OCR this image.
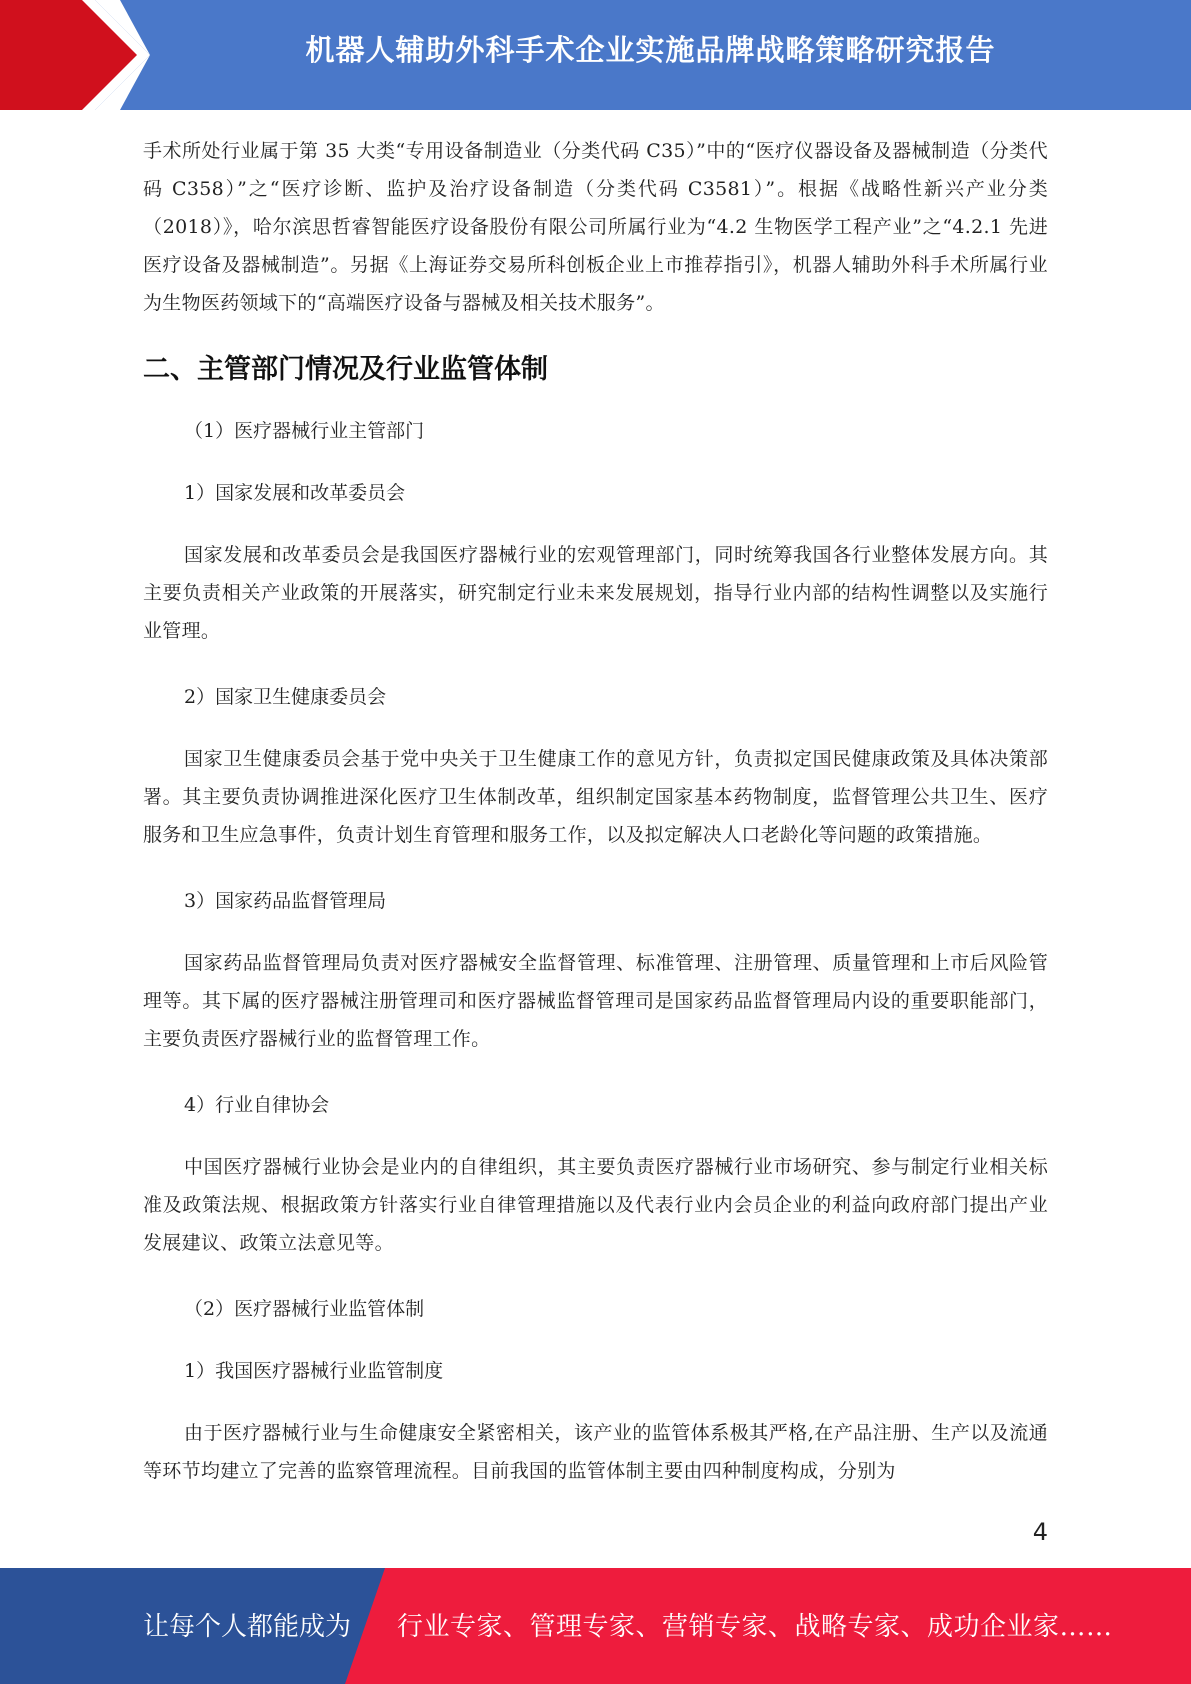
机器人辅助外科手术企业实施品牌战略策略研究报告

手术所处行业属于第 35 大类“专用设备制造业（分类代码 C35）”中的“医疗仪器设备及器械制造（分类代码 C358）”之“医疗诊断、监护及治疗设备制造（分类代码 C3581）”。根据《战略性新兴产业分类（2018）》，哈尔滨思哲睿智能医疗设备股份有限公司所属行业为“4.2 生物医学工程产业”之“4.2.1 先进医疗设备及器械制造”。另据《上海证券交易所科创板企业上市推荐指引》，机器人辅助外科手术所属行业为生物医药领域下的“高端医疗设备与器械及相关技术服务”。

二、主管部门情况及行业监管体制

（1）医疗器械行业主管部门

1）国家发展和改革委员会

国家发展和改革委员会是我国医疗器械行业的宏观管理部门，同时统筹我国各行业整体发展方向。其主要负责相关产业政策的开展落实，研究制定行业未来发展规划，指导行业内部的结构性调整以及实施行业管理。

2）国家卫生健康委员会

国家卫生健康委员会基于党中央关于卫生健康工作的意见方针，负责拟定国民健康政策及具体决策部署。其主要负责协调推进深化医疗卫生体制改革，组织制定国家基本药物制度，监督管理公共卫生、医疗服务和卫生应急事件，负责计划生育管理和服务工作，以及拟定解决人口老龄化等问题的政策措施。

3）国家药品监督管理局

国家药品监督管理局负责对医疗器械安全监督管理、标准管理、注册管理、质量管理和上市后风险管理等。其下属的医疗器械注册管理司和医疗器械监督管理司是国家药品监督管理局内设的重要职能部门，主要负责医疗器械行业的监督管理工作。

4）行业自律协会

中国医疗器械行业协会是业内的自律组织，其主要负责医疗器械行业市场研究、参与制定行业相关标准及政策法规、根据政策方针落实行业自律管理措施以及代表行业内会员企业的利益向政府部门提出产业发展建议、政策立法意见等。

（2）医疗器械行业监管体制

1）我国医疗器械行业监管制度

由于医疗器械行业与生命健康安全紧密相关，该产业的监管体系极其严格,在产品注册、生产以及流通等环节均建立了完善的监察管理流程。目前我国的监管体制主要由四种制度构成，分别为

4
让每个人都能成为 行业专家、管理专家、营销专家、战略专家、成功企业家……
